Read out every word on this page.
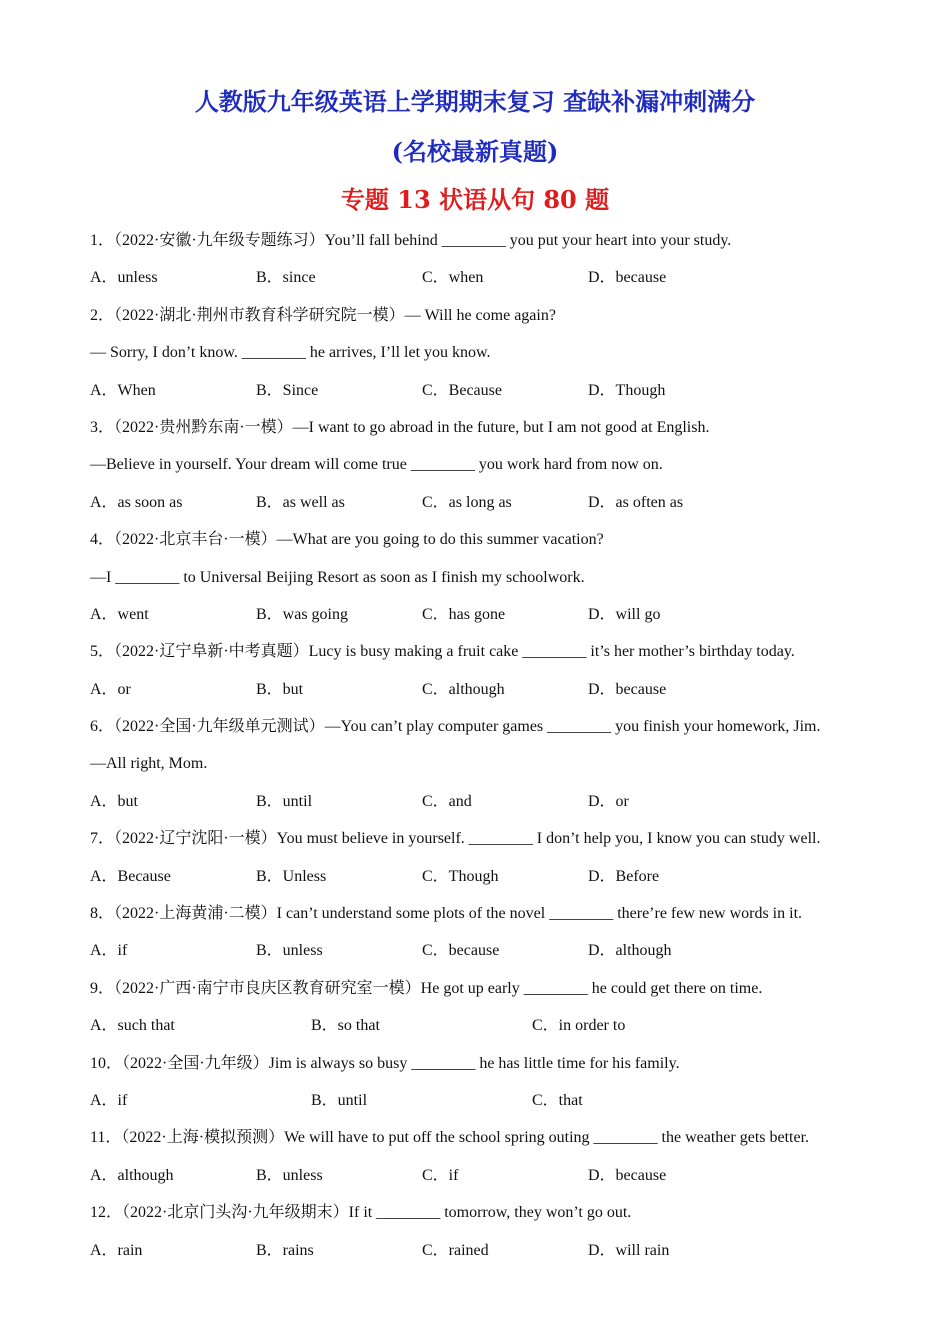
人教版九年级英语上学期期末复习 查缺补漏冲刺满分
(名校最新真题)
专题 13 状语从句 80 题
1．（2022·安徽·九年级专题练习）You’ll fall behind ________ you put your heart into your study.
A．unless	B．since	C．when	D．because
2．（2022·湖北·荆州市教育科学研究院一模）— Will he come again?
— Sorry, I don’t know. ________ he arrives, I’ll let you know.
A．When	B．Since	C．Because	D．Though
3．（2022·贵州黔东南·一模）—I want to go abroad in the future, but I am not good at English.
—Believe in yourself. Your dream will come true ________ you work hard from now on.
A．as soon as	B．as well as	C．as long as	D．as often as
4．（2022·北京丰台·一模）—What are you going to do this summer vacation?
—I ________ to Universal Beijing Resort as soon as I finish my schoolwork.
A．went	B．was going	C．has gone	D．will go
5．（2022·辽宁阜新·中考真题）Lucy is busy making a fruit cake ________ it’s her mother’s birthday today.
A．or	B．but	C．although	D．because
6．（2022·全国·九年级单元测试）—You can’t play computer games ________ you finish your homework, Jim.
—All right, Mom.
A．but	B．until	C．and	D．or
7．（2022·辽宁沈阳·一模）You must believe in yourself. ________ I don’t help you, I know you can study well.
A．Because	B．Unless	C．Though	D．Before
8．（2022·上海黄浦·二模）I can’t understand some plots of the novel ________ there’re few new words in it.
A．if	B．unless	C．because	D．although
9．（2022·广西·南宁市良庆区教育研究室一模）He got up early ________ he could get there on time.
A．such that	B．so that	C．in order to
10．（2022·全国·九年级）Jim is always so busy ________ he has little time for his family.
A．if	B．until	C．that
11．（2022·上海·模拟预测）We will have to put off the school spring outing ________ the weather gets better.
A．although	B．unless	C．if	D．because
12．（2022·北京门头沟·九年级期末）If it ________ tomorrow, they won’t go out.
A．rain	B．rains	C．rained	D．will rain
